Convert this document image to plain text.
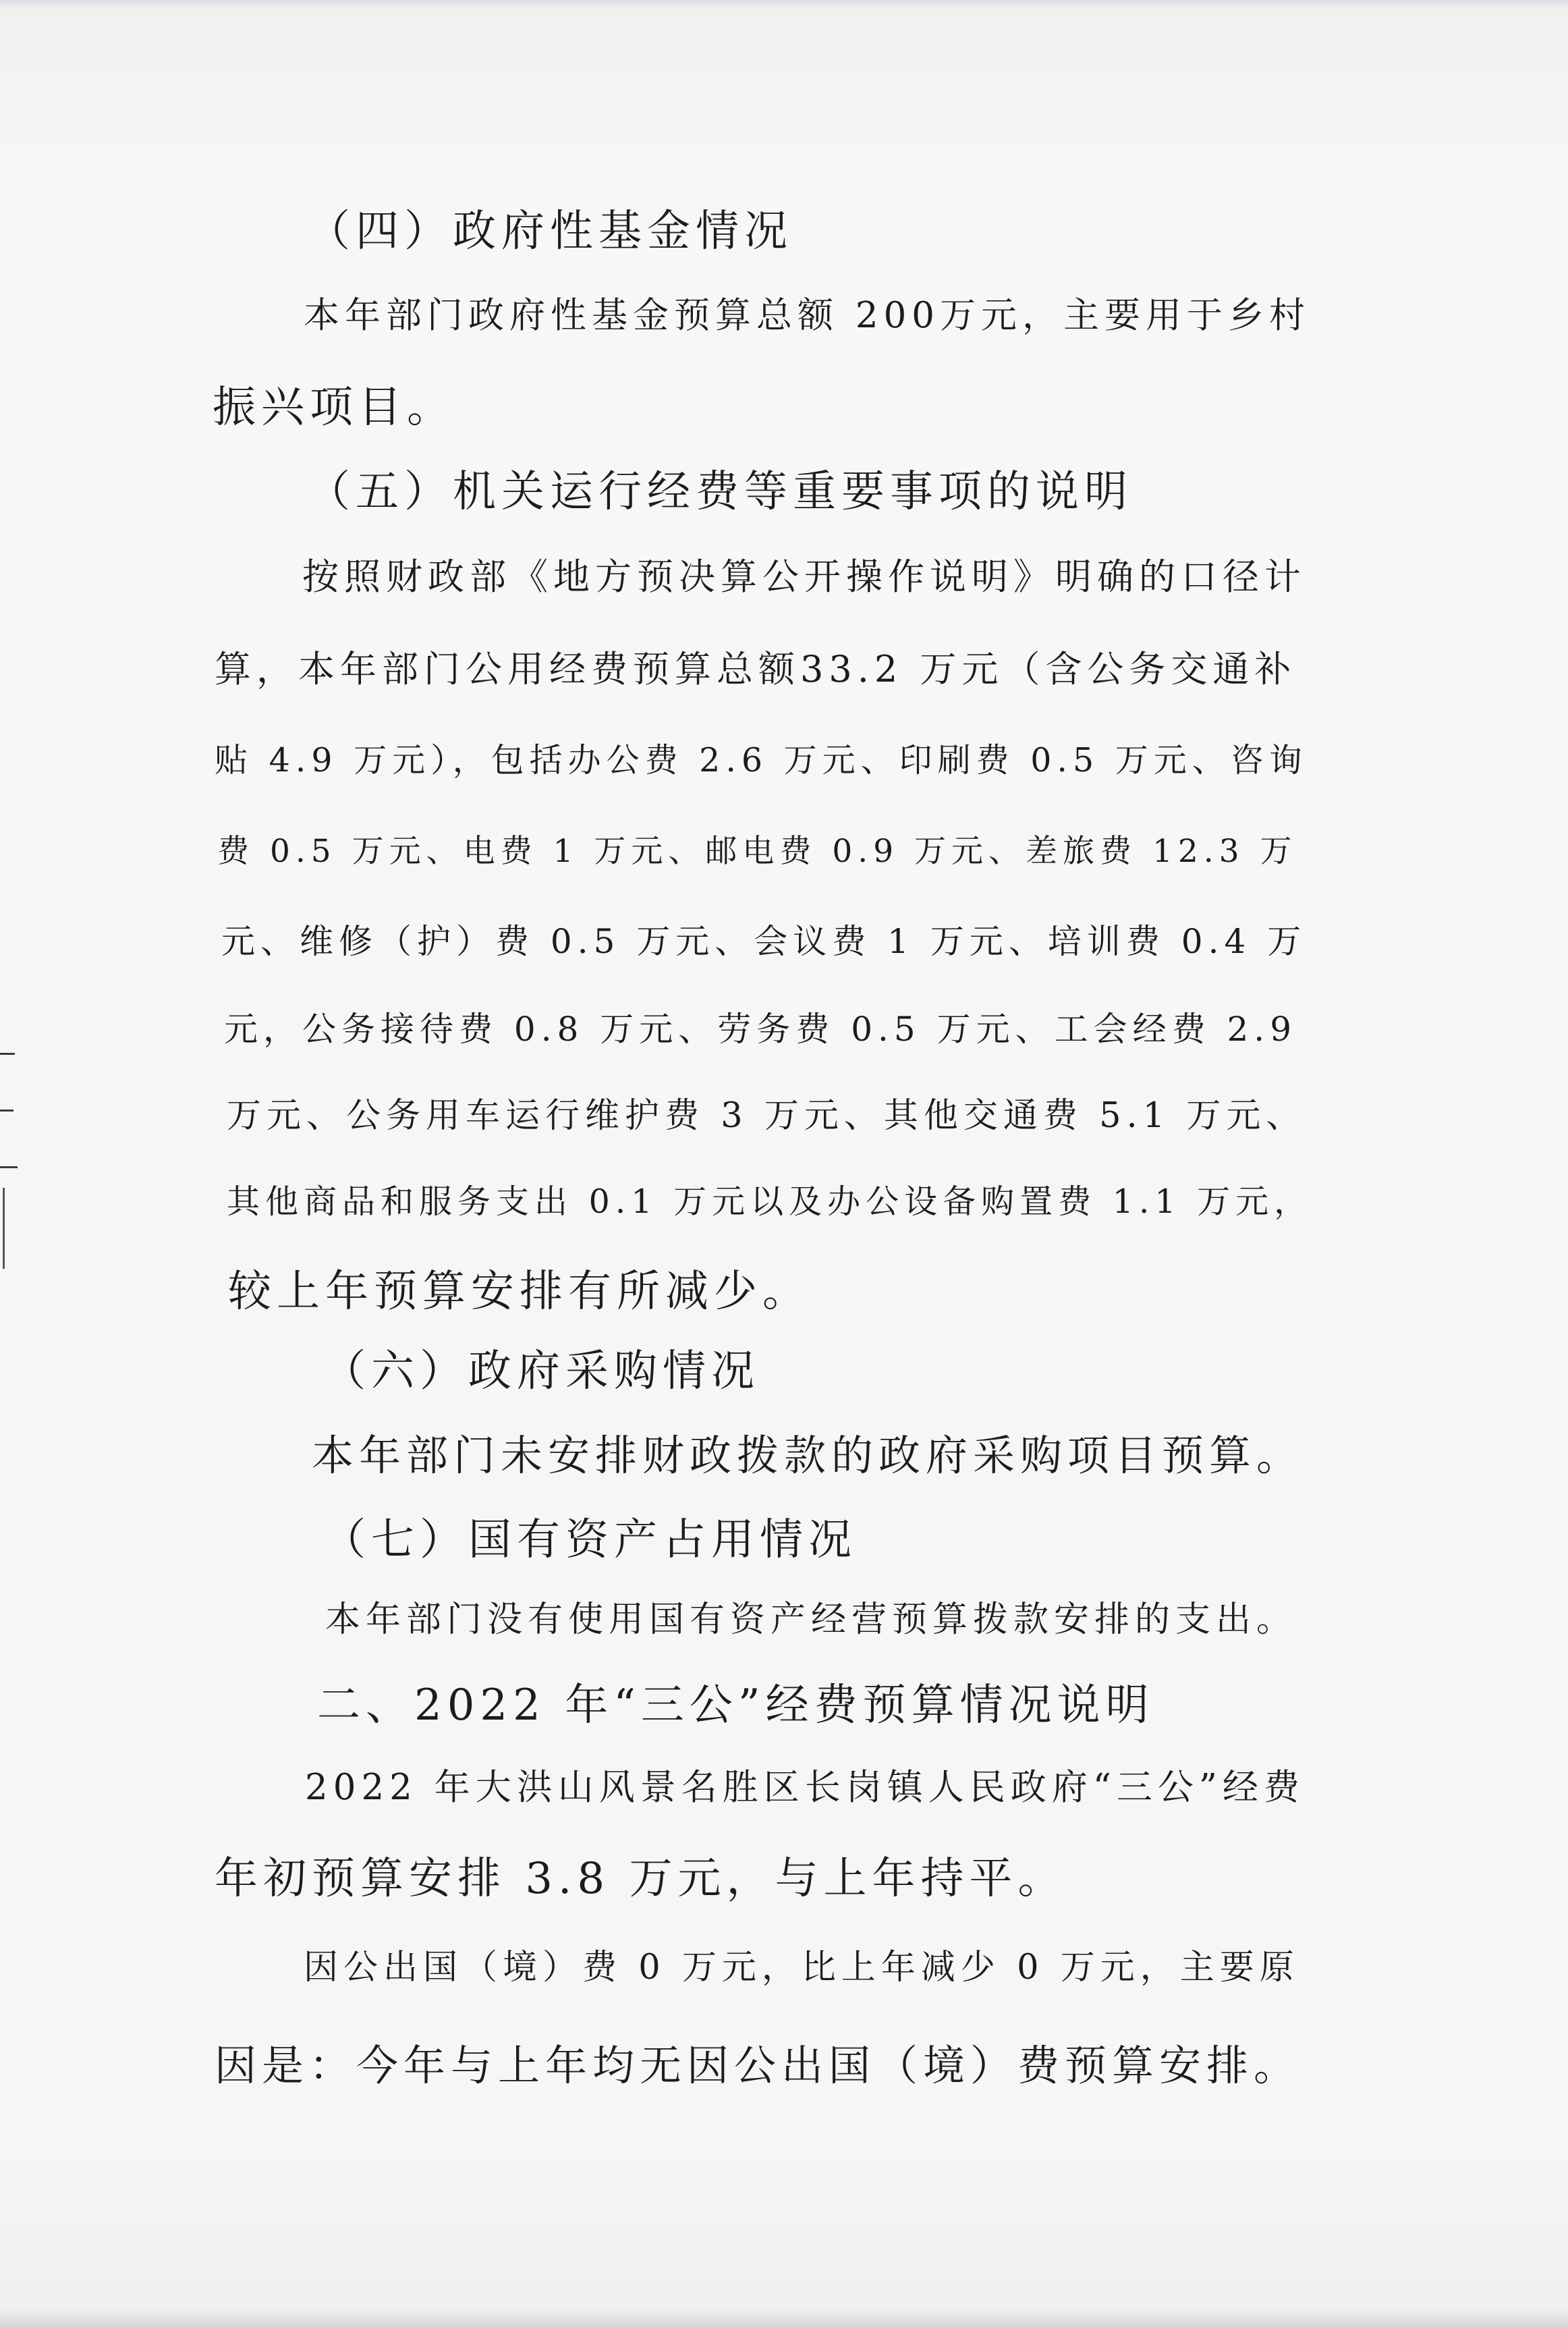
（四）政府性基金情况
本年部门政府性基金预算总额 200万元，主要用于乡村
振兴项目。
（五）机关运行经费等重要事项的说明
按照财政部《地方预决算公开操作说明》明确的口径计
算，本年部门公用经费预算总额33.2 万元（含公务交通补
贴 4.9 万元），包括办公费 2.6 万元、印刷费 0.5 万元、咨询
费 0.5 万元、电费 1 万元、邮电费 0.9 万元、差旅费 12.3 万
元、维修（护）费 0.5 万元、会议费 1 万元、培训费 0.4 万
元，公务接待费 0.8 万元、劳务费 0.5 万元、工会经费 2.9
万元、公务用车运行维护费 3 万元、其他交通费 5.1 万元、
其他商品和服务支出 0.1 万元以及办公设备购置费 1.1 万元，
较上年预算安排有所减少。
（六）政府采购情况
本年部门未安排财政拨款的政府采购项目预算。
（七）国有资产占用情况
本年部门没有使用国有资产经营预算拨款安排的支出。
二、2022 年“三公”经费预算情况说明
2022 年大洪山风景名胜区长岗镇人民政府“三公”经费
年初预算安排 3.8 万元，与上年持平。
因公出国（境）费 0 万元，比上年减少 0 万元，主要原
因是：今年与上年均无因公出国（境）费预算安排。
